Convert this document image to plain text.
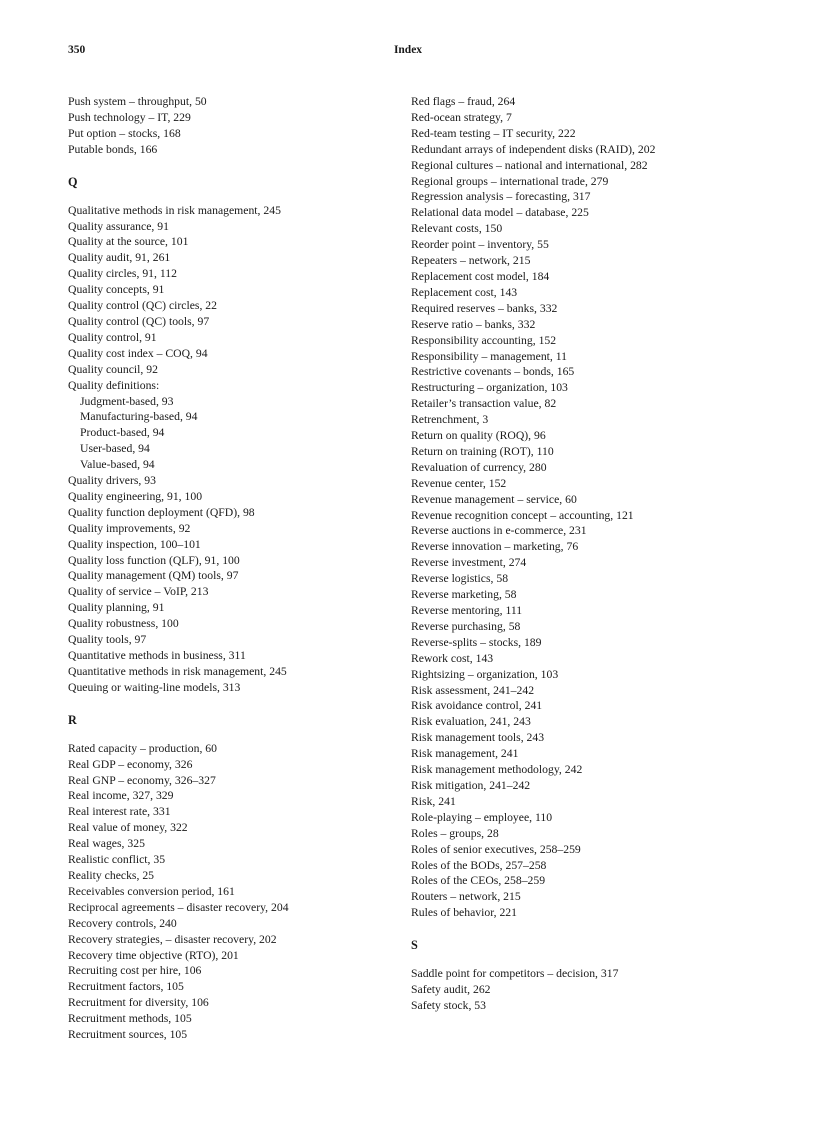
350	Index
Push system – throughput, 50
Push technology – IT, 229
Put option – stocks, 168
Putable bonds, 166
Q
Qualitative methods in risk management, 245
Quality assurance, 91
Quality at the source, 101
Quality audit, 91, 261
Quality circles, 91, 112
Quality concepts, 91
Quality control (QC) circles, 22
Quality control (QC) tools, 97
Quality control, 91
Quality cost index – COQ, 94
Quality council, 92
Quality definitions:
Judgment-based, 93
Manufacturing-based, 94
Product-based, 94
User-based, 94
Value-based, 94
Quality drivers, 93
Quality engineering, 91, 100
Quality function deployment (QFD), 98
Quality improvements, 92
Quality inspection, 100–101
Quality loss function (QLF), 91, 100
Quality management (QM) tools, 97
Quality of service – VoIP, 213
Quality planning, 91
Quality robustness, 100
Quality tools, 97
Quantitative methods in business, 311
Quantitative methods in risk management, 245
Queuing or waiting-line models, 313
R
Rated capacity – production, 60
Real GDP – economy, 326
Real GNP – economy, 326–327
Real income, 327, 329
Real interest rate, 331
Real value of money, 322
Real wages, 325
Realistic conflict, 35
Reality checks, 25
Receivables conversion period, 161
Reciprocal agreements – disaster recovery, 204
Recovery controls, 240
Recovery strategies, – disaster recovery, 202
Recovery time objective (RTO), 201
Recruiting cost per hire, 106
Recruitment factors, 105
Recruitment for diversity, 106
Recruitment methods, 105
Recruitment sources, 105
Red flags – fraud, 264
Red-ocean strategy, 7
Red-team testing – IT security, 222
Redundant arrays of independent disks (RAID), 202
Regional cultures – national and international, 282
Regional groups – international trade, 279
Regression analysis – forecasting, 317
Relational data model – database, 225
Relevant costs, 150
Reorder point – inventory, 55
Repeaters – network, 215
Replacement cost model, 184
Replacement cost, 143
Required reserves – banks, 332
Reserve ratio – banks, 332
Responsibility accounting, 152
Responsibility – management, 11
Restrictive covenants – bonds, 165
Restructuring – organization, 103
Retailer’s transaction value, 82
Retrenchment, 3
Return on quality (ROQ), 96
Return on training (ROT), 110
Revaluation of currency, 280
Revenue center, 152
Revenue management – service, 60
Revenue recognition concept – accounting, 121
Reverse auctions in e-commerce, 231
Reverse innovation – marketing, 76
Reverse investment, 274
Reverse logistics, 58
Reverse marketing, 58
Reverse mentoring, 111
Reverse purchasing, 58
Reverse-splits – stocks, 189
Rework cost, 143
Rightsizing – organization, 103
Risk assessment, 241–242
Risk avoidance control, 241
Risk evaluation, 241, 243
Risk management tools, 243
Risk management, 241
Risk management methodology, 242
Risk mitigation, 241–242
Risk, 241
Role-playing – employee, 110
Roles – groups, 28
Roles of senior executives, 258–259
Roles of the BODs, 257–258
Roles of the CEOs, 258–259
Routers – network, 215
Rules of behavior, 221
S
Saddle point for competitors – decision, 317
Safety audit, 262
Safety stock, 53
